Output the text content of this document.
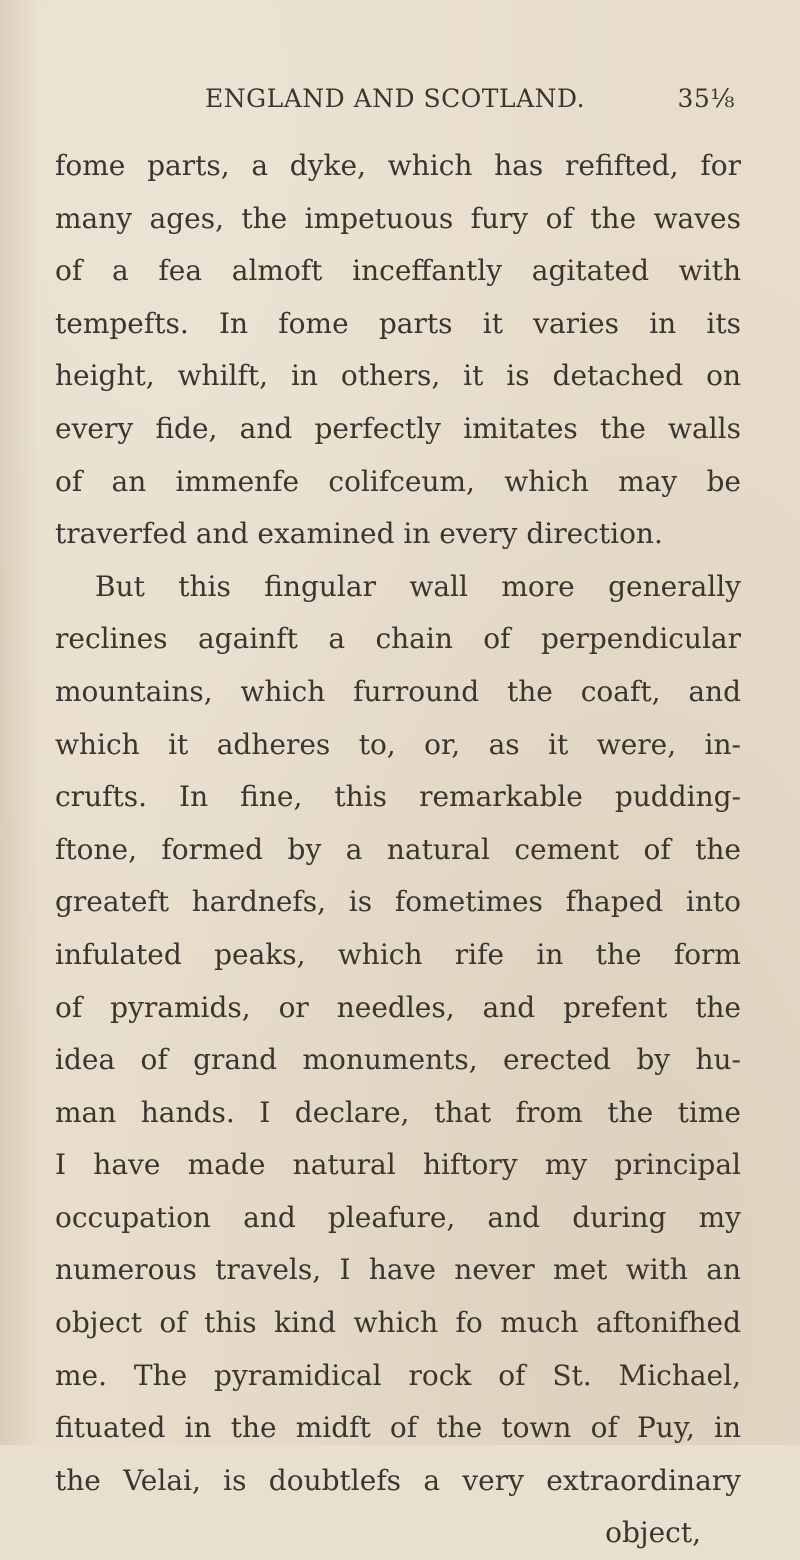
ENGLAND AND SCOTLAND.	35⅛
fome parts, a dyke, which has refifted, for
many ages, the impetuous fury of the waves
of a fea almoft inceffantly agitated with
tempefts. In fome parts it varies in its
height, whilft, in others, it is detached on
every fide, and perfectly imitates the walls
of an immenfe colifceum, which may be
traverfed and examined in every direction.
But this fingular wall more generally
reclines againft a chain of perpendicular
mountains, which furround the coaft, and
which it adheres to, or, as it were, in-
crufts. In fine, this remarkable pudding-
ftone, formed by a natural cement of the
greateft hardnefs, is fometimes fhaped into
infulated peaks, which rife in the form
of pyramids, or needles, and prefent the
idea of grand monuments, erected by hu-
man hands. I declare, that from the time
I have made natural hiftory my principal
occupation and pleafure, and during my
numerous travels, I have never met with an
object of this kind which fo much aftonifhed
me. The pyramidical rock of St. Michael,
fituated in the midft of the town of Puy, in
the Velai, is doubtlefs a very extraordinary
object,
